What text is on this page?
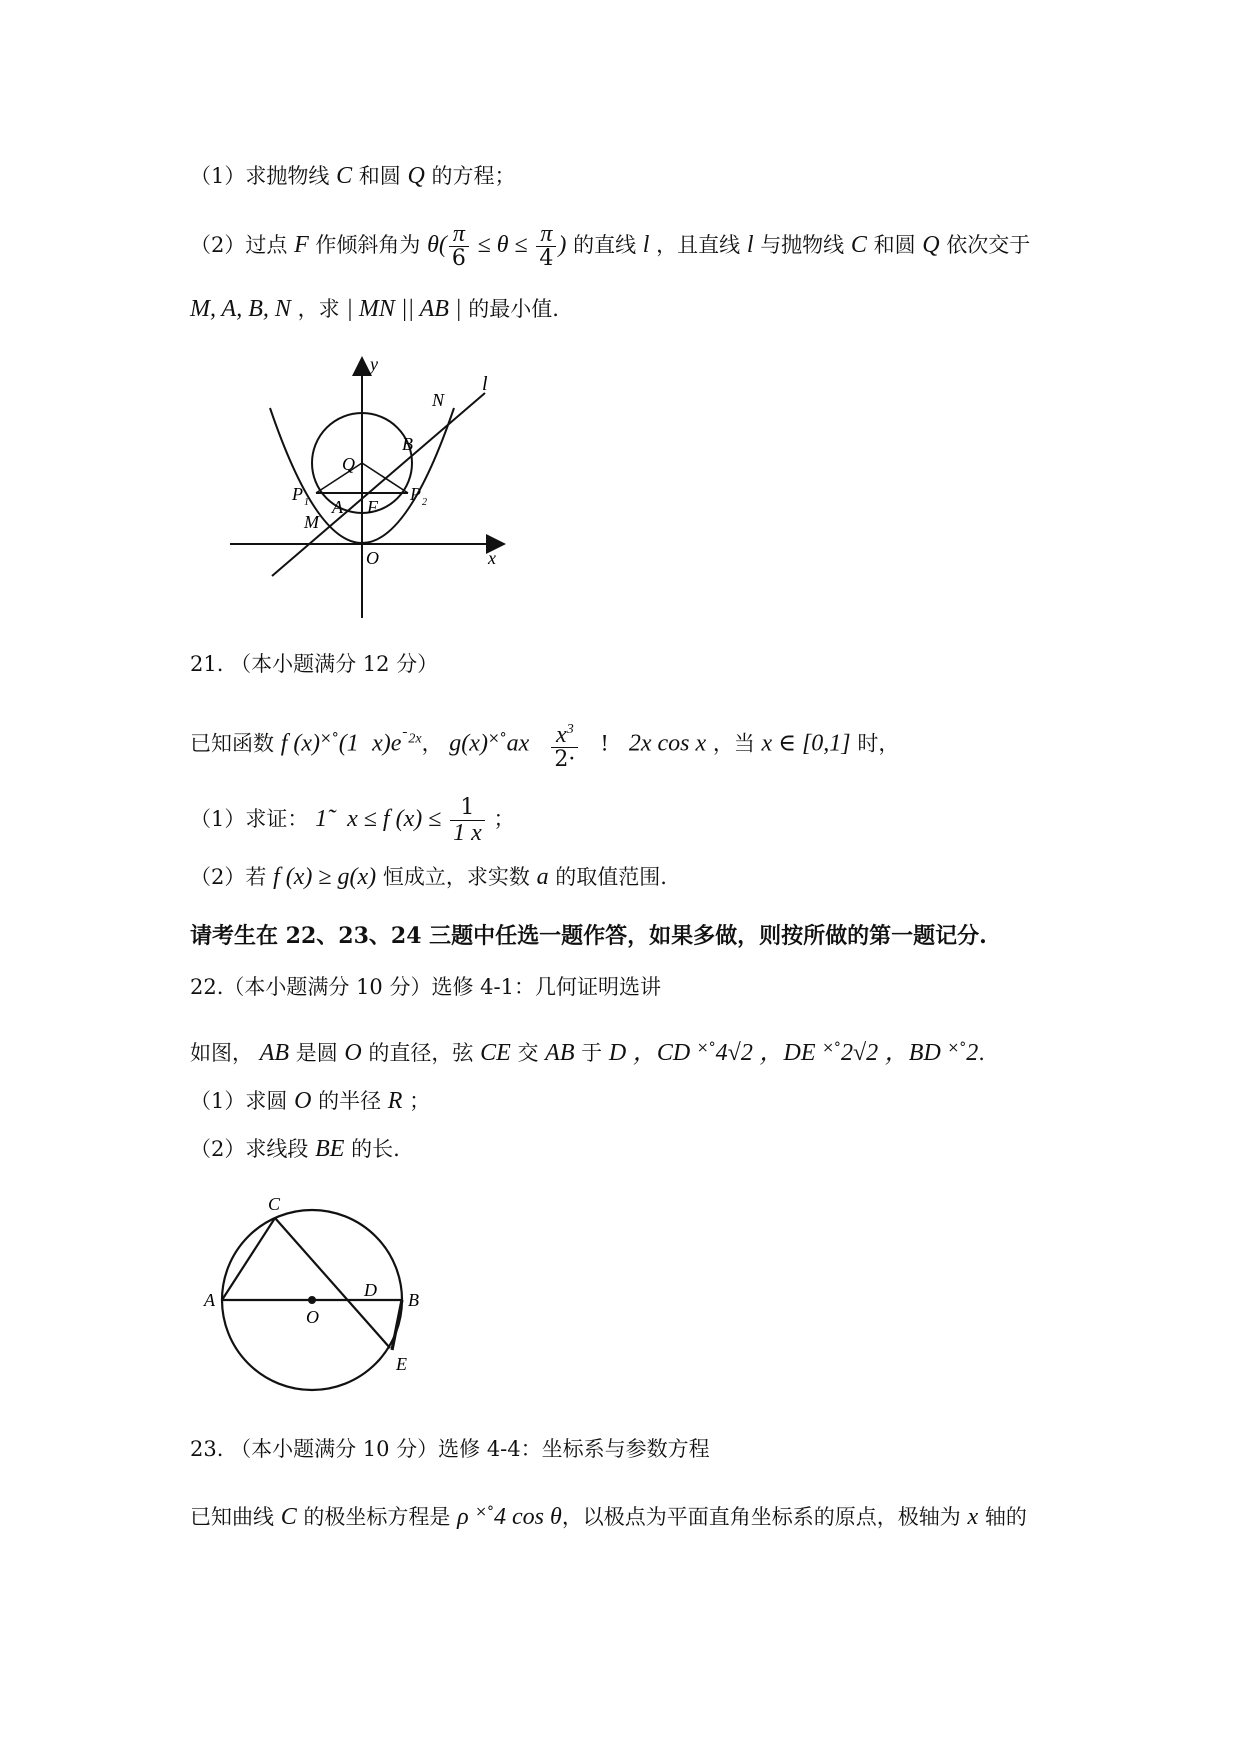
（1）求抛物线 C 和圆 Q 的方程；
（2）过点 F 作倾斜角为 $\theta( \frac{\pi}{6} \le \theta \le \frac{\pi}{4}$ ) 的直线 l ，且直线 l 与抛物线 C 和圆 Q 依次交于
M, A, B, N ，求 | MN || AB | 的最小值.
y
x
l
N
B
Q
P 1	P 2
A F
M
O
21. （本小题满分 12 分）
已知函数 f (x)×°(1 $x)e^{ˉ2x}$， $g(x)^{\times^\circ}ax \frac{x^3}{2\cdot}$ ! 2x cos x ，当 x ∈ [0,1] 时，
（1）求证： 1̃ x ≤ f $(x) \le \frac{1}{1 x}$ ；
（2）若 f (x) ≥ g(x) 恒成立，求实数 a 的取值范围.
请考生在 22、23、24 三题中任选一题作答，如果多做，则按所做的第一题记分.
22.（本小题满分 10 分）选修 4-1：几何证明选讲
如图， AB 是圆 O 的直径，弦 CE 交 AB 于 D ，CD ×°4√2 ，DE ×°2√2 ，BD ×°2.
（1）求圆 O 的半径 R ；
（2）求线段 BE 的长.
C
A
O
D B
E
23. （本小题满分 10 分）选修 4-4：坐标系与参数方程
已知曲线 C 的极坐标方程是 ρ ×°4 cos θ，以极点为平面直角坐标系的原点，极轴为 x 轴的
